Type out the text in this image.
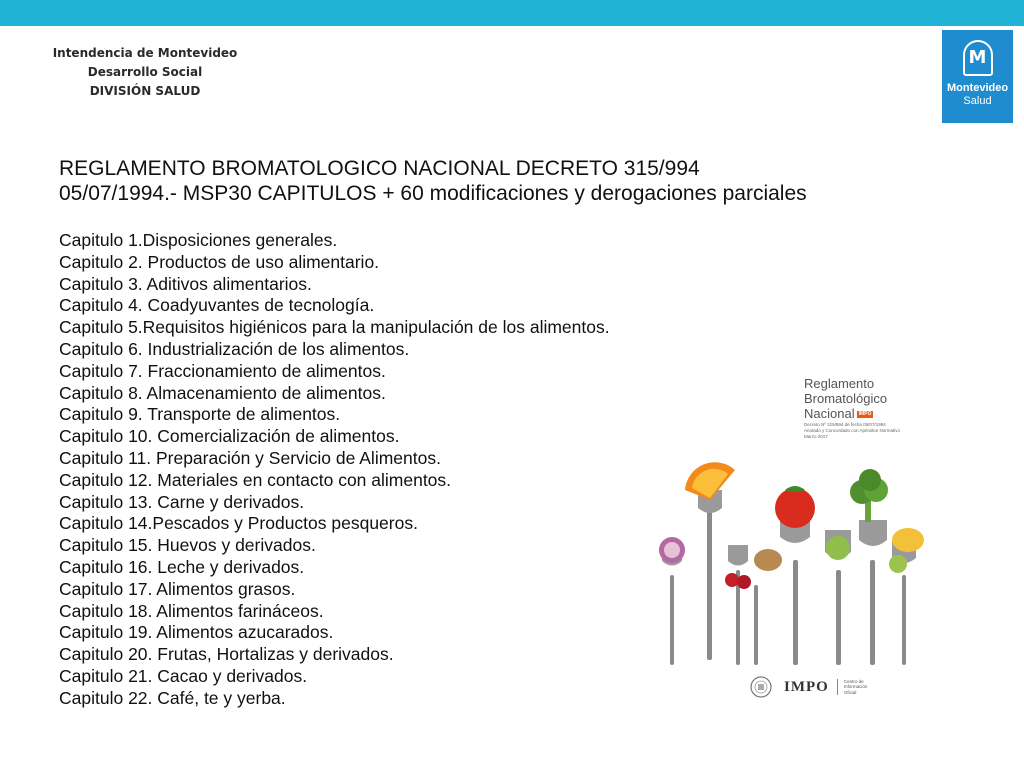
Intendencia de Montevideo
Desarrollo Social
DIVISIÓN SALUD
M
Montevideo
Salud
REGLAMENTO BROMATOLOGICO NACIONAL DECRETO 315/994
05/07/1994.- MSP30 CAPITULOS + 60 modificaciones y derogaciones parciales
Capitulo 1.Disposiciones generales.
Capitulo 2. Productos de uso alimentario.
Capitulo 3. Aditivos alimentarios.
Capitulo 4. Coadyuvantes de tecnología.
Capitulo 5.Requisitos higiénicos para la manipulación de los alimentos.
Capitulo 6. Industrialización de los alimentos.
Capitulo 7. Fraccionamiento de alimentos.
Capitulo 8. Almacenamiento de alimentos.
Capitulo 9. Transporte de alimentos.
Capitulo 10. Comercialización de alimentos.
Capitulo 11. Preparación y Servicio de Alimentos.
Capitulo 12. Materiales en contacto con alimentos.
Capitulo 13. Carne y derivados.
Capitulo 14.Pescados y Productos pesqueros.
Capitulo 15. Huevos y derivados.
Capitulo 16. Leche y derivados.
Capitulo 17. Alimentos grasos.
Capitulo 18. Alimentos farináceos.
Capitulo 19. Alimentos azucarados.
Capitulo 20. Frutas, Hortalizas y derivados.
Capitulo 21. Cacao y derivados.
Capitulo 22. Café, te y yerba.
Reglamento
Bromatológico
Nacional IMPO
Decreto Nº 315/994 de fecha 05/07/1994
Anotado y Concordado con Apéndice Normativo
Marzo 2017
IMPO	Centro de
Información
Oficial
